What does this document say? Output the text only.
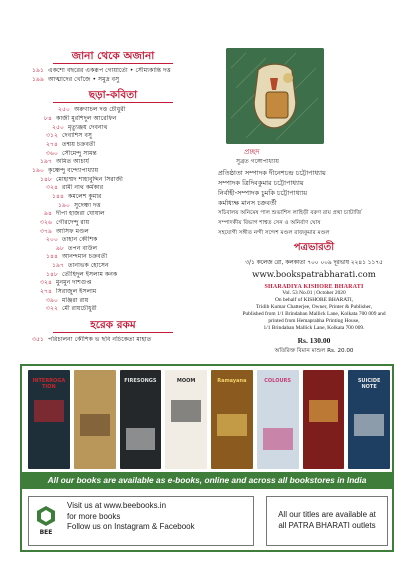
জানা থেকে অজানা
১৯১ একশো বছরের একরূপ গোয়ার্তো • সৌম্যকান্তি দত্ত
১৯৯ আত্মাদের খোঁজে • সমুদ্র বসু
ছড়া-কবিতা
২৫০ অরুণাচল দত্ত চৌধুরী
৮৪ কাজী মুরশিদুল আরেফিন
২৫০ মৃত্যুঞ্জয় দেবনাথ
৩১২ দেবাশিস বসু
২৭৪ তন্ময় চক্রবর্তী
৩৬০ সৌমেন্দু সামন্ত
১৯৭ অমিত আচার্য
১৯০ কৃষ্ণেন্দু বন্দ্যোপাধ্যায়
১৪৮ মোহাম্মদ শাহাবুদ্দিন সিরাজী
৩২৪ রামী নাথ কর্মকার
১৪৪ কমলেশ কুমার
১৯০ সুদেষ্ণা দত্ত
৯৪ দীপা হাজরা ঘোষাল
৩২৬ গৌরদেন্দু রায়
৩৭৯ আসিফ মণ্ডল
২০০ তাহান কৌশিক
৯৮ তপন বাউল
১৪৪ আনন্দমান চক্রবর্তী
১৯৭ তানাভক হোসেন
১৪৮ তৌহিদুল ইসলাম কনক
৩২৪ মুনমুন দাশগুপ্ত
২৭৪ সিরাজুল ইসলাম
৩৯০ মঞ্জিরা রায়
৩২২ মৌ রায়চৌধুরী
হরেক রকম
৩৫১ পরিচালনা কৌশিক ভ ছবি নচিকেতা মাহাত
প্রচ্ছদ
সুব্রত গঙ্গোপাধ্যায়
প্রতিষ্ঠাতা সম্পাদক দীনেশচন্দ্র চট্টোপাধ্যায়
সম্পাদক ত্রিদিবকুমার চট্টোপাধ্যায়
নির্বাহী-সম্পাদক চুমকি চট্টোপাধ্যায়
কর্মাধ্যক্ষ মানস চক্রবর্তী
সচিবালয় অনিমেষ পাল শুভাশিস লাহিড়ী বরুণ রায় প্রথা চ্যাটার্জি
সম্পাদকীয় বিভাগ শাশ্বত সেন ও অনির্বাণ ঘোষ
সহযোগী সঙ্গীত নন্দী সন্দেশ মণ্ডল রাজকুমার মণ্ডল
পত্রভারতী
৩/১ কলেজ রো, কলকাতা ৭০০ ০০৯ দূরভাষ ২২৪১ ১১৭৫
www.bookspatrabharati.com
SHARADIYA KISHORE BHARATI
Vol. 53 No.01 | October 2020
On behalf of KISHORE BHARATI,
Tridib Kumar Chatterjee, Owner, Printer & Publisher,
Published from 1/1 Brindaban Mallick Lane, Kolkata 700 009 and
printed from Hemaprabha Printing House,
1/1 Brindaban Mallick Lane, Kolkata 700 009.
Rs. 130.00
অতিরিক্ত বিমান মাশুল Rs. 20.00
INTERROGATION
FIRESONGS	MOOM	Ramayana	COLOURS	SUICIDE NOTE
All our books are available as e-books, online and across all bookstores in India
BEE
Visit us at www.beebooks.in
for more books
Follow us on Instagram & Facebook
All our titles are available at
all PATRA BHARATI outlets
